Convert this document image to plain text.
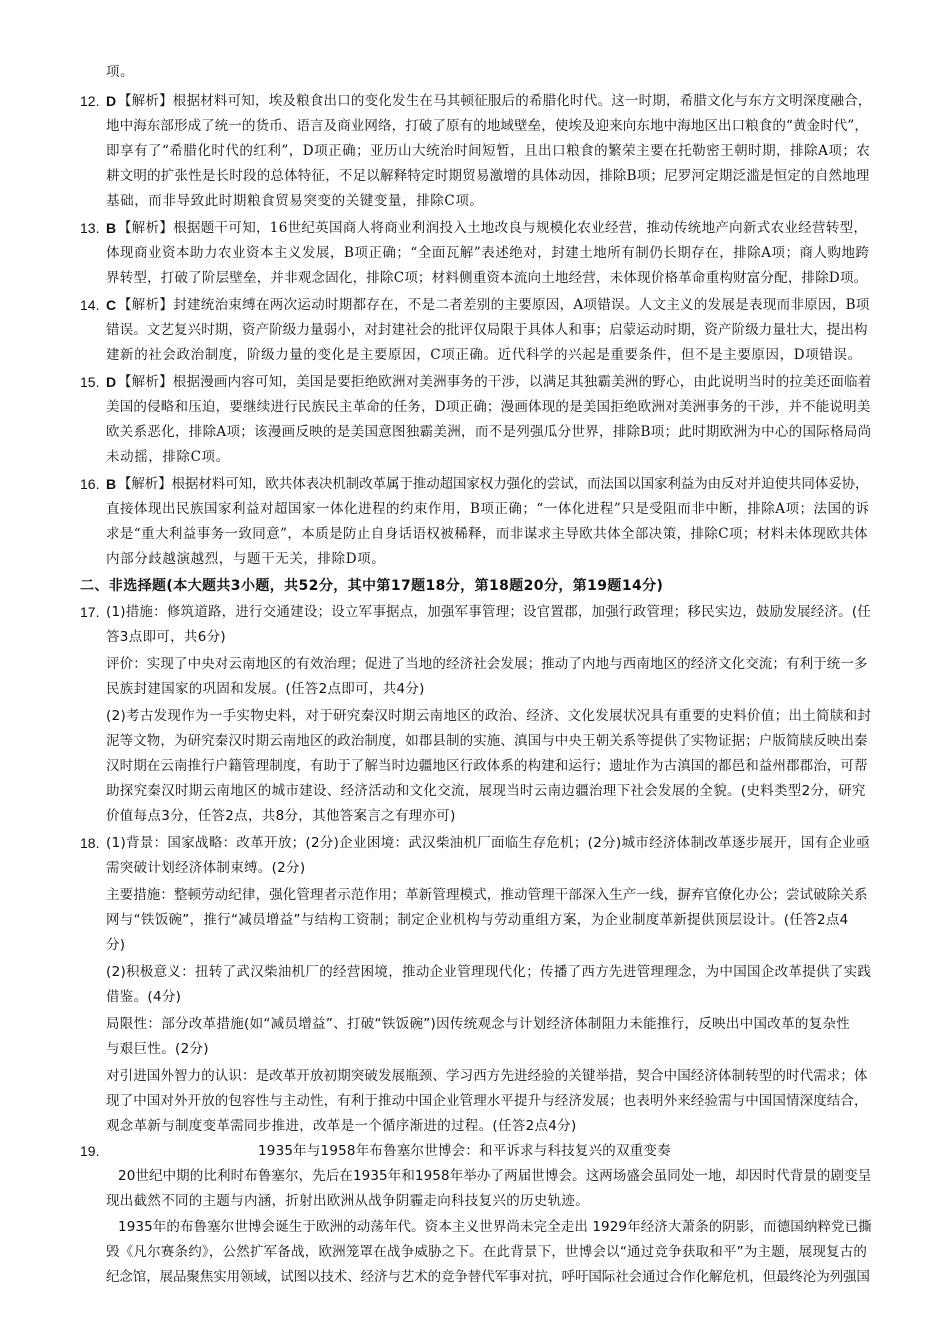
项。
12. D 【解析】根据材料可知，埃及粮食出口的变化发生在马其顿征服后的希腊化时代。这一时期，希腊文化与东方文明深度融合，
地中海东部形成了统一的货币、语言及商业网络，打破了原有的地域壁垒，使埃及迎来向东地中海地区出口粮食的“黄金时代”，
即享有了“希腊化时代的红利”，D项正确；亚历山大统治时间短暂，且出口粮食的繁荣主要在托勒密王朝时期，排除A项；农
耕文明的扩张性是长时段的总体特征，不足以解释特定时期贸易激增的具体动因，排除B项；尼罗河定期泛滥是恒定的自然地理
基础，而非导致此时期粮食贸易突变的关键变量，排除C项。
13. B 【解析】根据题干可知，16世纪英国商人将商业利润投入土地改良与规模化农业经营，推动传统地产向新式农业经营转型，
体现商业资本助力农业资本主义发展，B项正确；“全面瓦解”表述绝对，封建土地所有制仍长期存在，排除A项；商人购地跨
界转型，打破了阶层壁垒，并非观念固化，排除C项；材料侧重资本流向土地经营，未体现价格革命重构财富分配，排除D项。
14. C 【解析】封建统治束缚在两次运动时期都存在，不是二者差别的主要原因，A项错误。人文主义的发展是表现而非原因，B项
错误。文艺复兴时期，资产阶级力量弱小，对封建社会的批评仅局限于具体人和事；启蒙运动时期，资产阶级力量壮大，提出构
建新的社会政治制度，阶级力量的变化是主要原因，C项正确。近代科学的兴起是重要条件，但不是主要原因，D项错误。
15. D 【解析】根据漫画内容可知，美国是要拒绝欧洲对美洲事务的干涉，以满足其独霸美洲的野心，由此说明当时的拉美还面临着
美国的侵略和压迫，要继续进行民族民主革命的任务，D项正确；漫画体现的是美国拒绝欧洲对美洲事务的干涉，并不能说明美
欧关系恶化，排除A项；该漫画反映的是美国意图独霸美洲，而不是列强瓜分世界，排除B项；此时期欧洲为中心的国际格局尚
未动摇，排除C项。
16. B 【解析】根据材料可知，欧共体表决机制改革属于推动超国家权力强化的尝试，而法国以国家利益为由反对并迫使共同体妥协，
直接体现出民族国家利益对超国家一体化进程的约束作用，B项正确；“一体化进程”只是受阻而非中断，排除A项；法国的诉
求是“重大利益事务一致同意”，本质是防止自身话语权被稀释，而非谋求主导欧共体全部决策，排除C项；材料未体现欧共体
内部分歧越演越烈，与题干无关，排除D项。
二、非选择题(本大题共3小题，共52分，其中第17题18分，第18题20分，第19题14分)
17. (1)措施：修筑道路，进行交通建设；设立军事据点，加强军事管理；设官置郡，加强行政管理；移民实边，鼓励发展经济。(任
答3点即可，共6分)
评价：实现了中央对云南地区的有效治理；促进了当地的经济社会发展；推动了内地与西南地区的经济文化交流；有利于统一多
民族封建国家的巩固和发展。(任答2点即可，共4分)
(2)考古发现作为一手实物史料，对于研究秦汉时期云南地区的政治、经济、文化发展状况具有重要的史料价值；出土简牍和封
泥等文物，为研究秦汉时期云南地区的政治制度，如郡县制的实施、滇国与中央王朝关系等提供了实物证据；户版简牍反映出秦
汉时期在云南推行户籍管理制度，有助于了解当时边疆地区行政体系的构建和运行；遗址作为古滇国的都邑和益州郡郡治，可帮
助探究秦汉时期云南地区的城市建设、经济活动和文化交流，展现当时云南边疆治理下社会发展的全貌。(史料类型2分，研究
价值每点3分，任答2点，共8分，其他答案言之有理亦可)
18. (1)背景：国家战略：改革开放；(2分)企业困境：武汉柴油机厂面临生存危机；(2分)城市经济体制改革逐步展开，国有企业亟
需突破计划经济体制束缚。(2分)
主要措施：整顿劳动纪律，强化管理者示范作用；革新管理模式，推动管理干部深入生产一线，摒弃官僚化办公；尝试破除关系
网与“铁饭碗”，推行“减员增益”与结构工资制；制定企业机构与劳动重组方案，为企业制度革新提供顶层设计。(任答2点4
分)
(2)积极意义：扭转了武汉柴油机厂的经营困境，推动企业管理现代化；传播了西方先进管理理念，为中国国企改革提供了实践
借鉴。(4分)
局限性：部分改革措施(如“减员增益”、打破“铁饭碗”)因传统观念与计划经济体制阻力未能推行，反映出中国改革的复杂性
与艰巨性。(2分)
对引进国外智力的认识：是改革开放初期突破发展瓶颈、学习西方先进经验的关键举措，契合中国经济体制转型的时代需求；体
现了中国对外开放的包容性与主动性，有利于推动中国企业管理水平提升与经济发展；也表明外来经验需与中国国情深度结合，
观念革新与制度变革需同步推进，改革是一个循序渐进的过程。(任答2点4分)
19.	1935年与1958年布鲁塞尔世博会：和平诉求与科技复兴的双重变奏
20世纪中期的比利时布鲁塞尔，先后在1935年和1958年举办了两届世博会。这两场盛会虽同处一地，却因时代背景的剧变呈
现出截然不同的主题与内涵，折射出欧洲从战争阴霾走向科技复兴的历史轨迹。
1935年的布鲁塞尔世博会诞生于欧洲的动荡年代。资本主义世界尚未完全走出 1929年经济大萧条的阴影，而德国纳粹党已撕
毁《凡尔赛条约》，公然扩军备战，欧洲笼罩在战争威胁之下。在此背景下，世博会以“通过竞争获取和平”为主题，展现复古的
纪念馆，展品聚焦实用领域，试图以技术、经济与艺术的竞争替代军事对抗，呼吁国际社会通过合作化解危机，但最终沦为列强国
